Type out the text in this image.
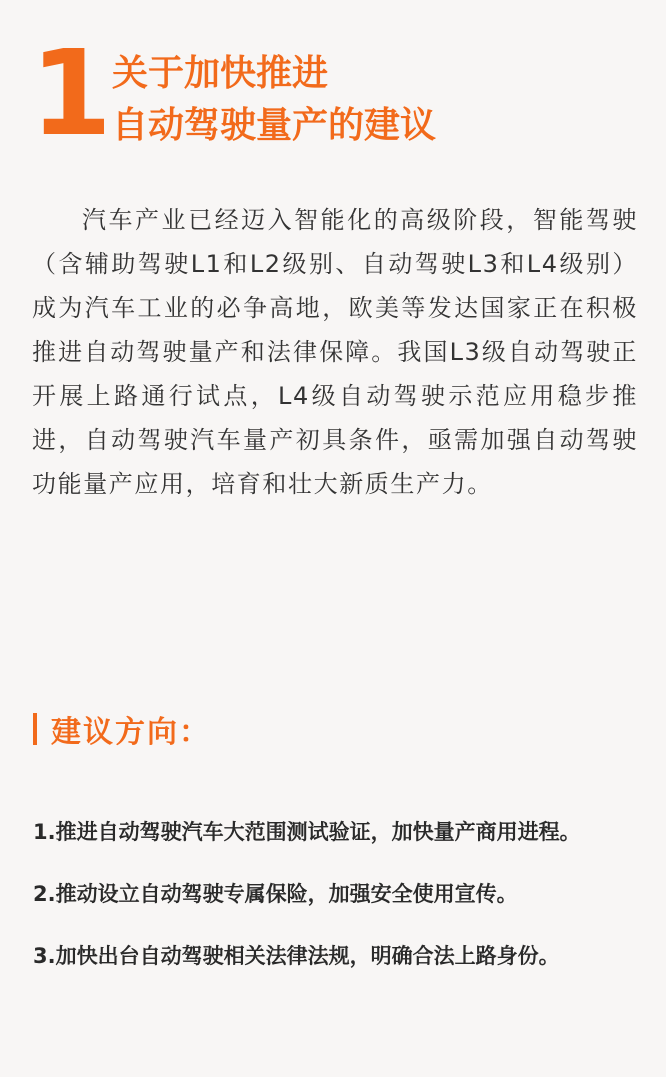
1 关于加快推进
自动驾驶量产的建议
汽车产业已经迈入智能化的高级阶段，智能驾驶（含辅助驾驶L1和L2级别、自动驾驶L3和L4级别）成为汽车工业的必争高地，欧美等发达国家正在积极推进自动驾驶量产和法律保障。我国L3级自动驾驶正开展上路通行试点，L4级自动驾驶示范应用稳步推进，自动驾驶汽车量产初具条件，亟需加强自动驾驶功能量产应用，培育和壮大新质生产力。
建议方向：
1.推进自动驾驶汽车大范围测试验证，加快量产商用进程。
2.推动设立自动驾驶专属保险，加强安全使用宣传。
3.加快出台自动驾驶相关法律法规，明确合法上路身份。
